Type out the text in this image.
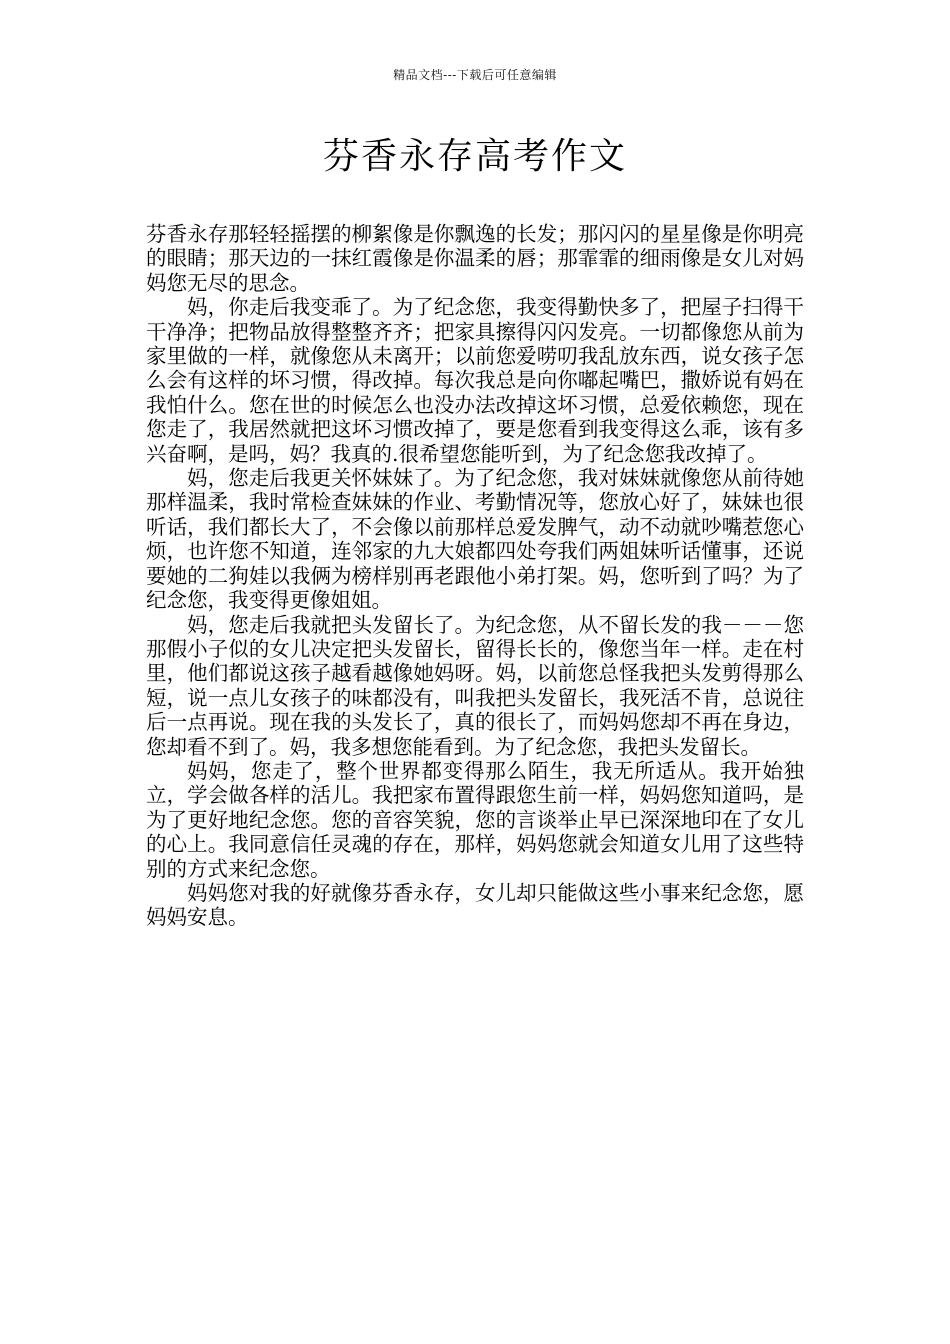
精品文档---下载后可任意编辑
芬香永存高考作文

芬香永存那轻轻摇摆的柳絮像是你飘逸的长发；那闪闪的星星像是你明亮的眼睛；那天边的一抹红霞像是你温柔的唇；那霏霏的细雨像是女儿对妈妈您无尽的思念。

妈，你走后我变乖了。为了纪念您，我变得勤快多了，把屋子扫得干干净净；把物品放得整整齐齐；把家具擦得闪闪发亮。一切都像您从前为家里做的一样，就像您从未离开；以前您爱唠叨我乱放东西，说女孩子怎么会有这样的坏习惯，得改掉。每次我总是向你嘟起嘴巴，撒娇说有妈在我怕什么。您在世的时候怎么也没办法改掉这坏习惯，总爱依赖您，现在您走了，我居然就把这坏习惯改掉了，要是您看到我变得这么乖，该有多兴奋啊，是吗，妈？我真的.很希望您能听到，为了纪念您我改掉了。

妈，您走后我更关怀妹妹了。为了纪念您，我对妹妹就像您从前待她那样温柔，我时常检查妹妹的作业、考勤情况等，您放心好了，妹妹也很听话，我们都长大了，不会像以前那样总爱发脾气，动不动就吵嘴惹您心烦，也许您不知道，连邻家的九大娘都四处夸我们两姐妹听话懂事，还说要她的二狗娃以我俩为榜样别再老跟他小弟打架。妈，您听到了吗？为了纪念您，我变得更像姐姐。

妈，您走后我就把头发留长了。为纪念您，从不留长发的我－－－您那假小子似的女儿决定把头发留长，留得长长的，像您当年一样。走在村里，他们都说这孩子越看越像她妈呀。妈，以前您总怪我把头发剪得那么短，说一点儿女孩子的味都没有，叫我把头发留长，我死活不肯，总说往后一点再说。现在我的头发长了，真的很长了，而妈妈您却不再在身边，您却看不到了。妈，我多想您能看到。为了纪念您，我把头发留长。

妈妈，您走了，整个世界都变得那么陌生，我无所适从。我开始独立，学会做各样的活儿。我把家布置得跟您生前一样，妈妈您知道吗，是为了更好地纪念您。您的音容笑貌，您的言谈举止早已深深地印在了女儿的心上。我同意信任灵魂的存在，那样，妈妈您就会知道女儿用了这些特别的方式来纪念您。

妈妈您对我的好就像芬香永存，女儿却只能做这些小事来纪念您，愿妈妈安息。
